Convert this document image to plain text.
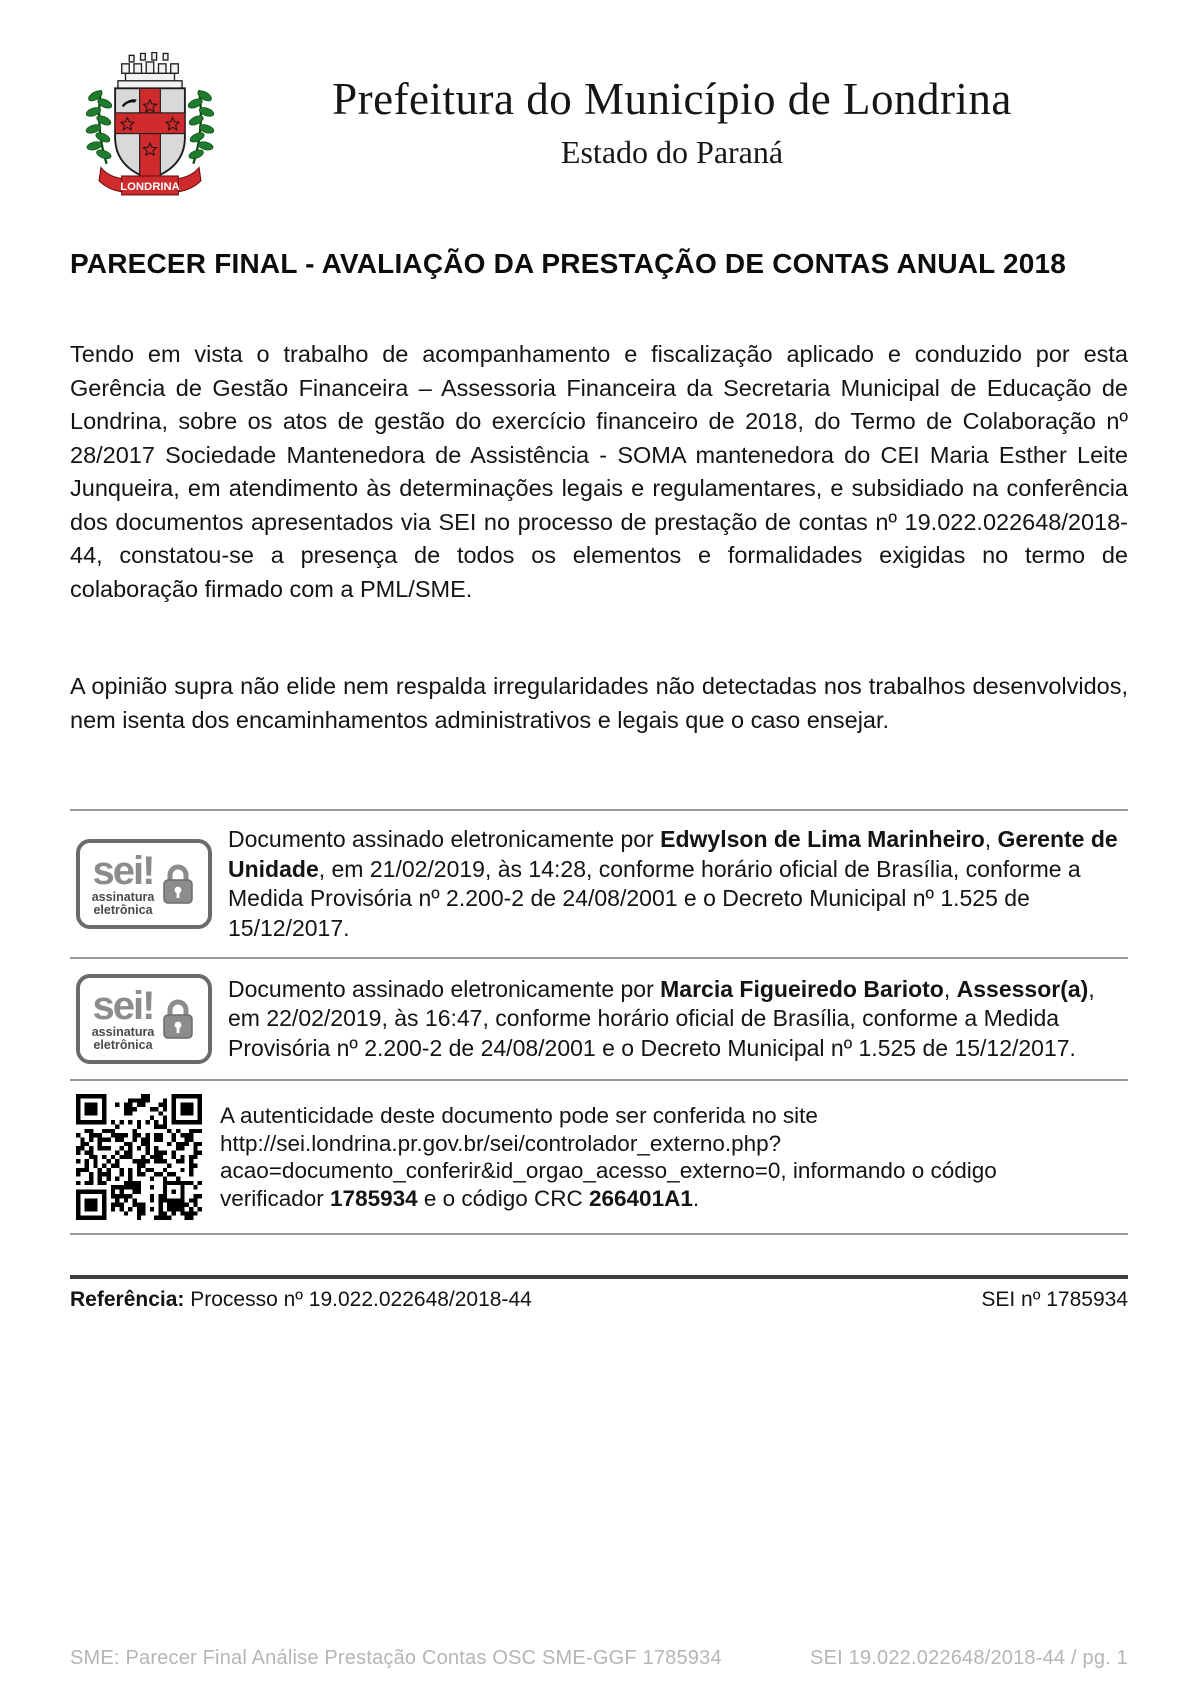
LONDRINA
Prefeitura do Município de Londrina
Estado do Paraná
PARECER FINAL - AVALIAÇÃO DA PRESTAÇÃO DE CONTAS ANUAL 2018

Tendo em vista o trabalho de acompanhamento e fiscalização aplicado e conduzido por esta Gerência de Gestão Financeira – Assessoria Financeira da Secretaria Municipal de Educação de Londrina, sobre os atos de gestão do exercício financeiro de 2018, do Termo de Colaboração nº 28/2017 Sociedade Mantenedora de Assistência - SOMA mantenedora do CEI Maria Esther Leite Junqueira, em atendimento às determinações legais e regulamentares, e subsidiado na conferência dos documentos apresentados via SEI no processo de prestação de contas nº 19.022.022648/2018-44, constatou-se a presença de todos os elementos e formalidades exigidas no termo de colaboração firmado com a PML/SME.

A opinião supra não elide nem respalda irregularidades não detectadas nos trabalhos desenvolvidos, nem isenta dos encaminhamentos administrativos e legais que o caso ensejar.

sei!
assinatura
eletrônica
Documento assinado eletronicamente por Edwylson de Lima Marinheiro, Gerente de Unidade, em 21/02/2019, às 14:28, conforme horário oficial de Brasília, conforme a Medida Provisória nº 2.200-2 de 24/08/2001 e o Decreto Municipal nº 1.525 de 15/12/2017.
sei!
assinatura
eletrônica
Documento assinado eletronicamente por Marcia Figueiredo Barioto, Assessor(a), em 22/02/2019, às 16:47, conforme horário oficial de Brasília, conforme a Medida Provisória nº 2.200-2 de 24/08/2001 e o Decreto Municipal nº 1.525 de 15/12/2017.
A autenticidade deste documento pode ser conferida no site
http://sei.londrina.pr.gov.br/sei/controlador_externo.php?
acao=documento_conferir&id_orgao_acesso_externo=0, informando o código
verificador 1785934 e o código CRC 266401A1.
Referência: Processo nº 19.022.022648/2018-44	SEI nº 1785934
SME: Parecer Final Análise Prestação Contas OSC SME-GGF 1785934	SEI 19.022.022648/2018-44 / pg. 1
